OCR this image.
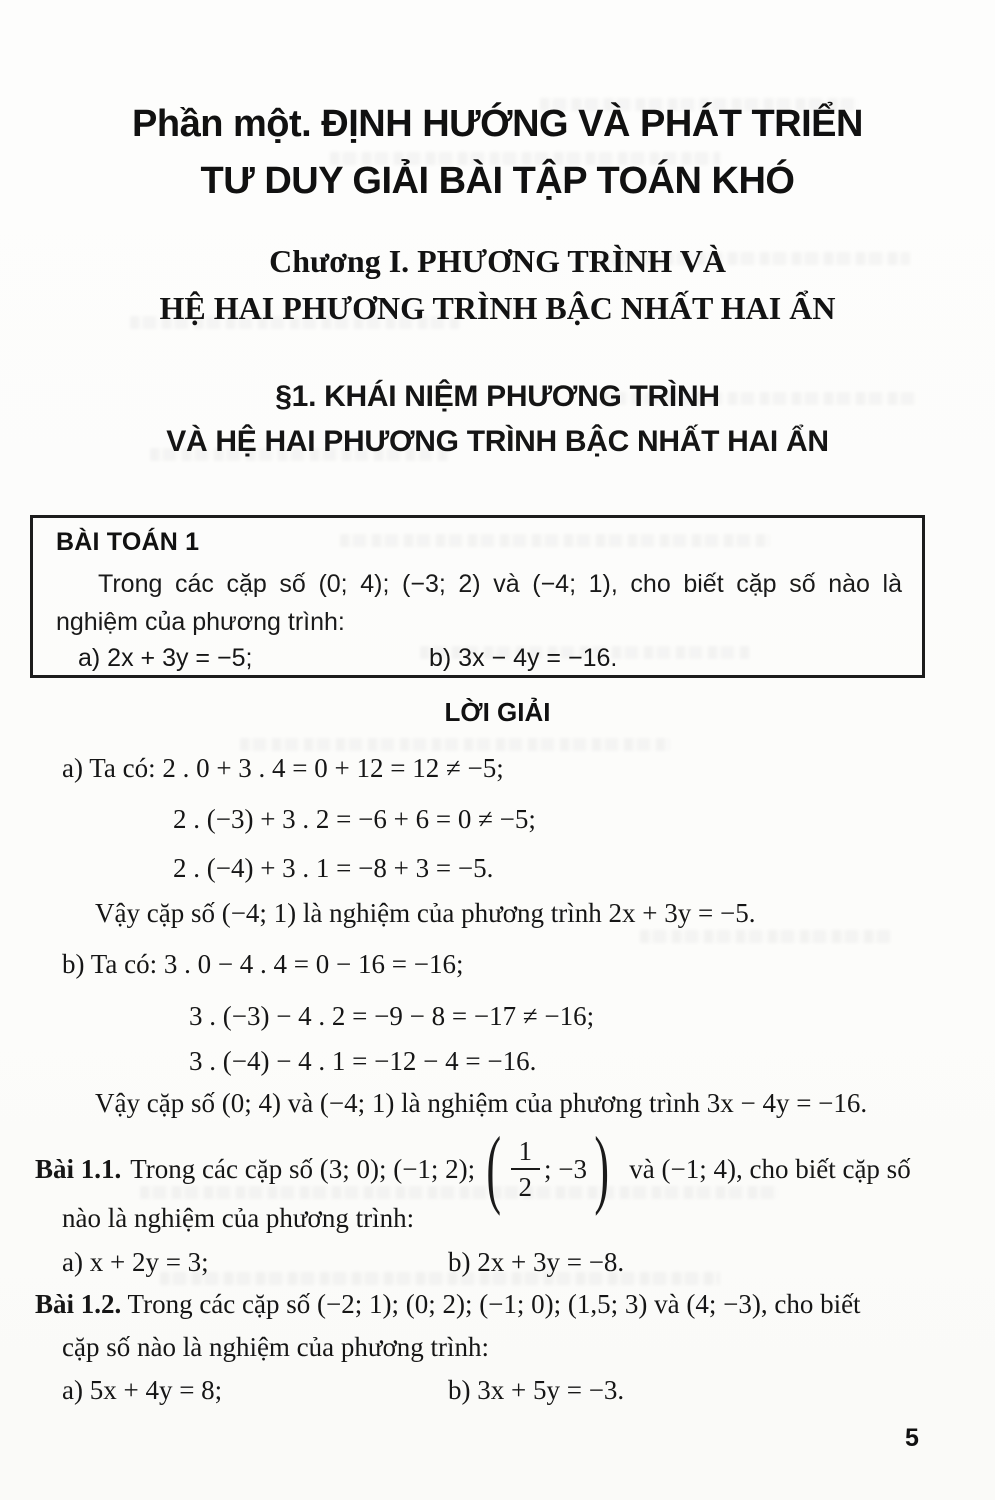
Phần một. ĐỊNH HƯỚNG VÀ PHÁT TRIỂN
TƯ DUY GIẢI BÀI TẬP TOÁN KHÓ
Chương I. PHƯƠNG TRÌNH VÀ
HỆ HAI PHƯƠNG TRÌNH BẬC NHẤT HAI ẨN
§1. KHÁI NIỆM PHƯƠNG TRÌNH
VÀ HỆ HAI PHƯƠNG TRÌNH BẬC NHẤT HAI ẨN
BÀI TOÁN 1
Trong các cặp số (0; 4); (−3; 2) và (−4; 1), cho biết cặp số nào là
nghiệm của phương trình:
a) 2x + 3y = −5;	b) 3x − 4y = −16.
LỜI GIẢI
a) Ta có: 2 . 0 + 3 . 4 = 0 + 12 = 12 ≠ −5;
2 . (−3) + 3 . 2 = −6 + 6 = 0 ≠ −5;
2 . (−4) + 3 . 1 = −8 + 3 = −5.
Vậy cặp số (−4; 1) là nghiệm của phương trình 2x + 3y = −5.
b) Ta có: 3 . 0 − 4 . 4 = 0 − 16 = −16;
3 . (−3) − 4 . 2 = −9 − 8 = −17 ≠ −16;
3 . (−4) − 4 . 1 = −12 − 4 = −16.
Vậy cặp số (0; 4) và (−4; 1) là nghiệm của phương trình 3x − 4y = −16.
Bài 1.1. Trong các cặp số (3; 0); (−1; 2); ( $\frac{1}{2}$ ; −3 ) và (−1; 4), cho biết cặp số
nào là nghiệm của phương trình:
a) x + 2y = 3;	b) 2x + 3y = −8.
Bài 1.2. Trong các cặp số (−2; 1); (0; 2); (−1; 0); (1,5; 3) và (4; −3), cho biết
cặp số nào là nghiệm của phương trình:
a) 5x + 4y = 8;	b) 3x + 5y = −3.
5
